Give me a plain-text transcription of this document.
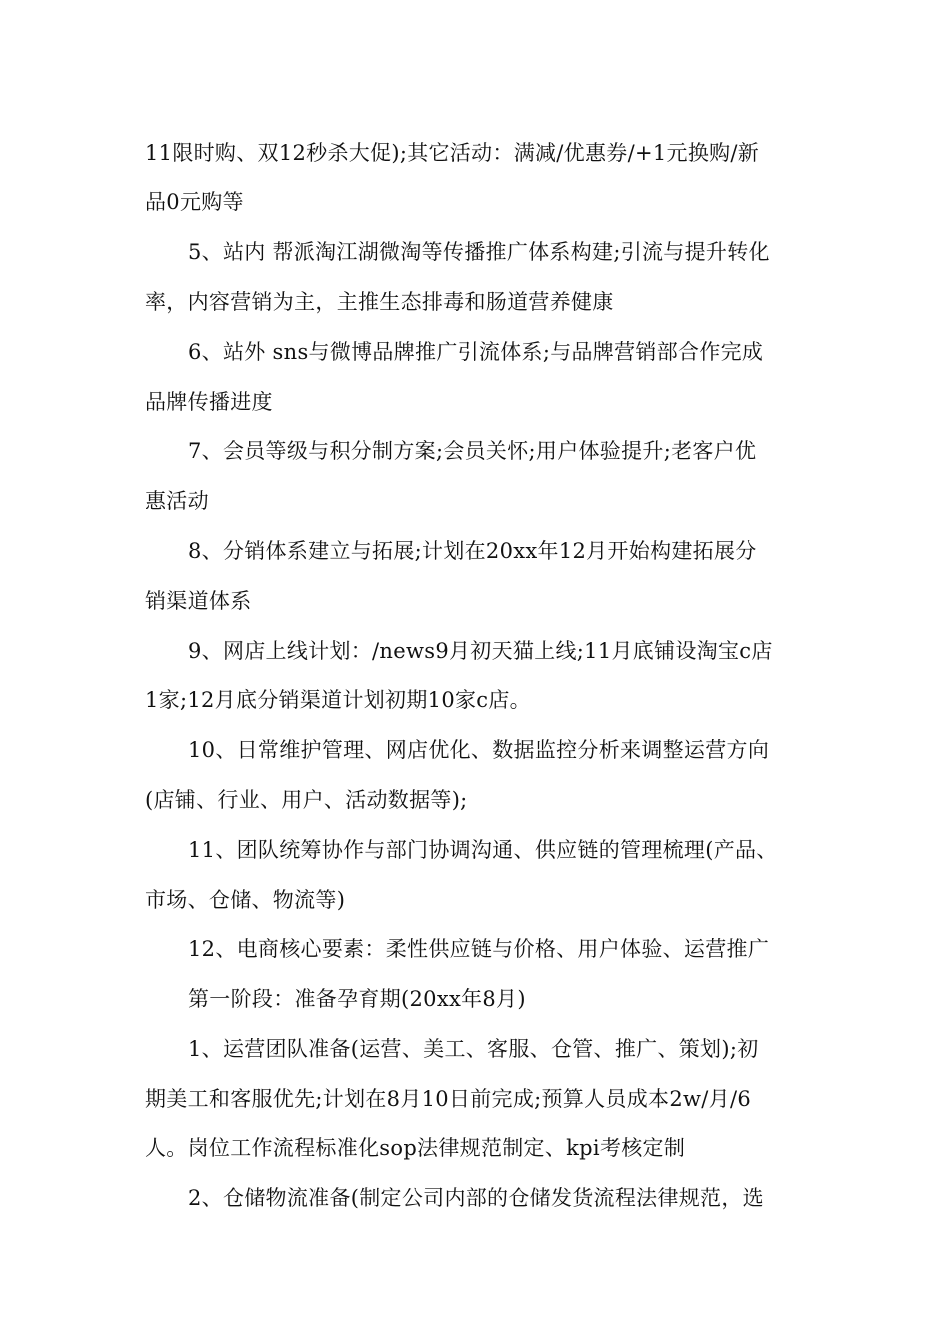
11限时购、双12秒杀大促);其它活动：满减/优惠券/+1元换购/新
品0元购等
5、站内 帮派淘江湖微淘等传播推广体系构建;引流与提升转化
率，内容营销为主，主推生态排毒和肠道营养健康
6、站外 sns与微博品牌推广引流体系;与品牌营销部合作完成
品牌传播进度
7、会员等级与积分制方案;会员关怀;用户体验提升;老客户优
惠活动
8、分销体系建立与拓展;计划在20xx年12月开始构建拓展分
销渠道体系
9、网店上线计划：/news9月初天猫上线;11月底铺设淘宝c店
1家;12月底分销渠道计划初期10家c店。
10、日常维护管理、网店优化、数据监控分析来调整运营方向
(店铺、行业、用户、活动数据等);
11、团队统筹协作与部门协调沟通、供应链的管理梳理(产品、
市场、仓储、物流等)
12、电商核心要素：柔性供应链与价格、用户体验、运营推广
第一阶段：准备孕育期(20xx年8月)
1、运营团队准备(运营、美工、客服、仓管、推广、策划);初
期美工和客服优先;计划在8月10日前完成;预算人员成本2w/月/6
人。岗位工作流程标准化sop法律规范制定、kpi考核定制
2、仓储物流准备(制定公司内部的仓储发货流程法律规范，选
